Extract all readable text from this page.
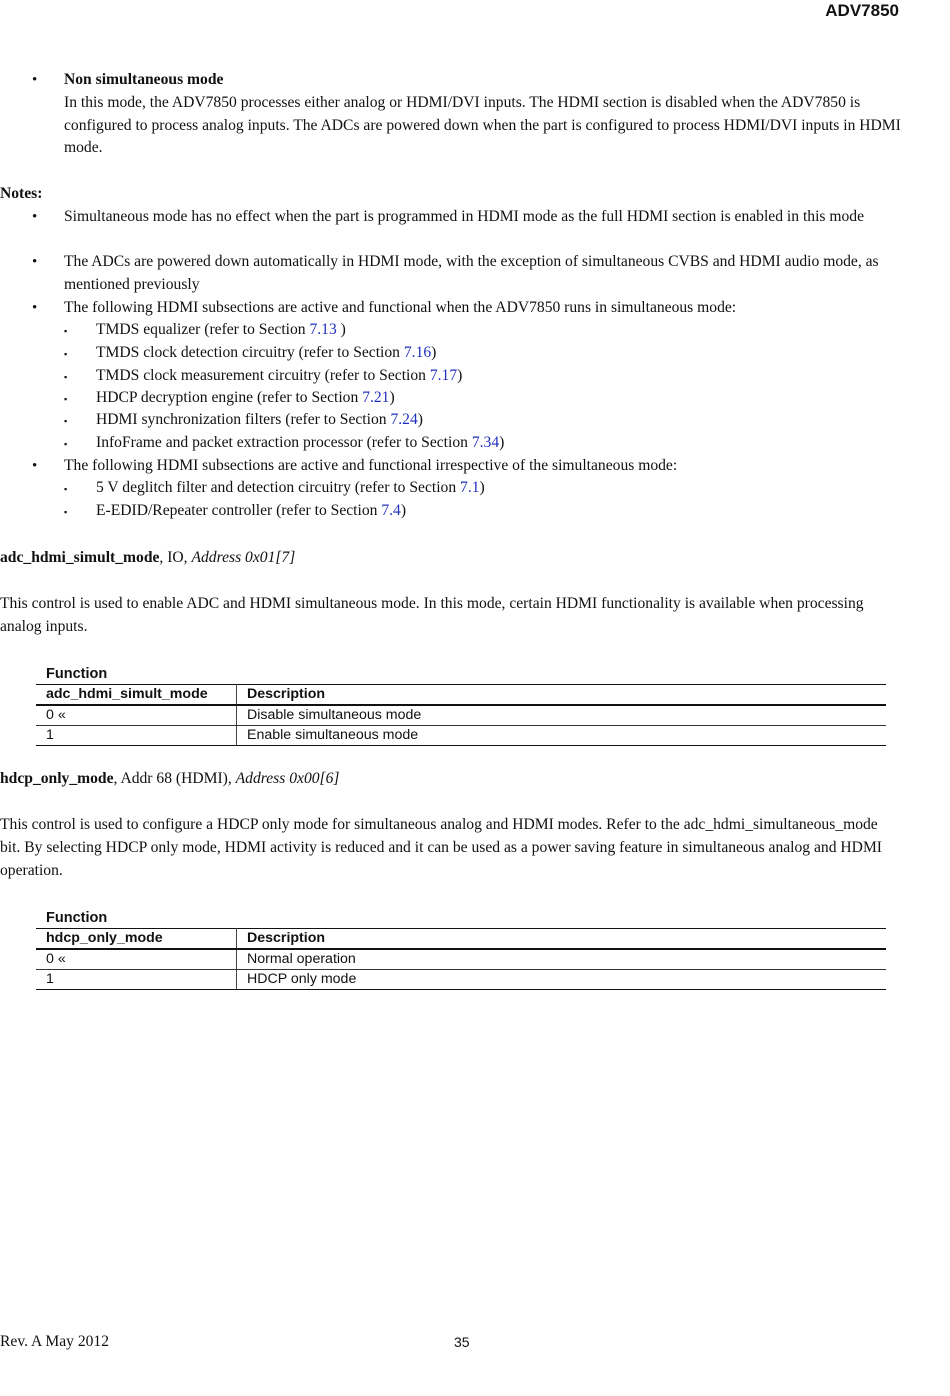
ADV7850
• Non simultaneous mode
In this mode, the ADV7850 processes either analog or HDMI/DVI inputs. The HDMI section is disabled when the ADV7850 is configured to process analog inputs. The ADCs are powered down when the part is configured to process HDMI/DVI inputs in HDMI mode.
Notes:
• Simultaneous mode has no effect when the part is programmed in HDMI mode as the full HDMI section is enabled in this mode
• The ADCs are powered down automatically in HDMI mode, with the exception of simultaneous CVBS and HDMI audio mode, as mentioned previously
• The following HDMI subsections are active and functional when the ADV7850 runs in simultaneous mode:
▪ TMDS equalizer (refer to Section 7.13 )
▪ TMDS clock detection circuitry (refer to Section 7.16)
▪ TMDS clock measurement circuitry (refer to Section 7.17)
▪ HDCP decryption engine (refer to Section 7.21)
▪ HDMI synchronization filters (refer to Section 7.24)
▪ InfoFrame and packet extraction processor (refer to Section 7.34)
• The following HDMI subsections are active and functional irrespective of the simultaneous mode:
▪ 5 V deglitch filter and detection circuitry (refer to Section 7.1)
▪ E-EDID/Repeater controller (refer to Section 7.4)
adc_hdmi_simult_mode, IO, Address 0x01[7]
This control is used to enable ADC and HDMI simultaneous mode. In this mode, certain HDMI functionality is available when processing analog inputs.
Function
adc_hdmi_simult_mode	Description
0 «	Disable simultaneous mode
1	Enable simultaneous mode
hdcp_only_mode, Addr 68 (HDMI), Address 0x00[6]
This control is used to configure a HDCP only mode for simultaneous analog and HDMI modes. Refer to the adc_hdmi_simultaneous_mode bit. By selecting HDCP only mode, HDMI activity is reduced and it can be used as a power saving feature in simultaneous analog and HDMI operation.
Function
hdcp_only_mode	Description
0 «	Normal operation
1	HDCP only mode
Rev. A May 2012	35
